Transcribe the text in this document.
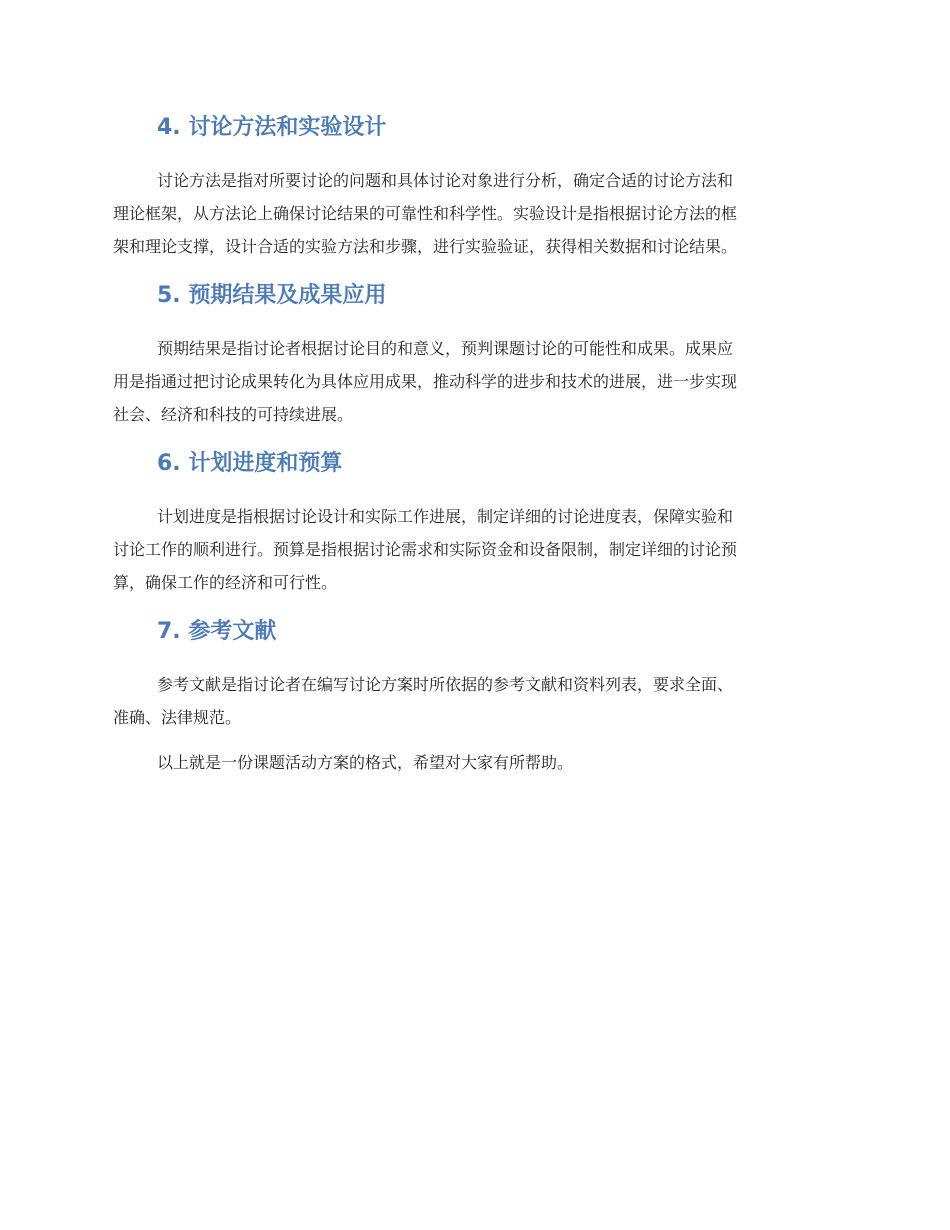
4. 讨论方法和实验设计
讨论方法是指对所要讨论的问题和具体讨论对象进行分析，确定合适的讨论方法和
理论框架，从方法论上确保讨论结果的可靠性和科学性。实验设计是指根据讨论方法的框
架和理论支撑，设计合适的实验方法和步骤，进行实验验证，获得相关数据和讨论结果。
5. 预期结果及成果应用
预期结果是指讨论者根据讨论目的和意义，预判课题讨论的可能性和成果。成果应
用是指通过把讨论成果转化为具体应用成果，推动科学的进步和技术的进展，进一步实现
社会、经济和科技的可持续进展。
6. 计划进度和预算
计划进度是指根据讨论设计和实际工作进展，制定详细的讨论进度表，保障实验和
讨论工作的顺利进行。预算是指根据讨论需求和实际资金和设备限制，制定详细的讨论预
算，确保工作的经济和可行性。
7. 参考文献
参考文献是指讨论者在编写讨论方案时所依据的参考文献和资料列表，要求全面、
准确、法律规范。
以上就是一份课题活动方案的格式，希望对大家有所帮助。
